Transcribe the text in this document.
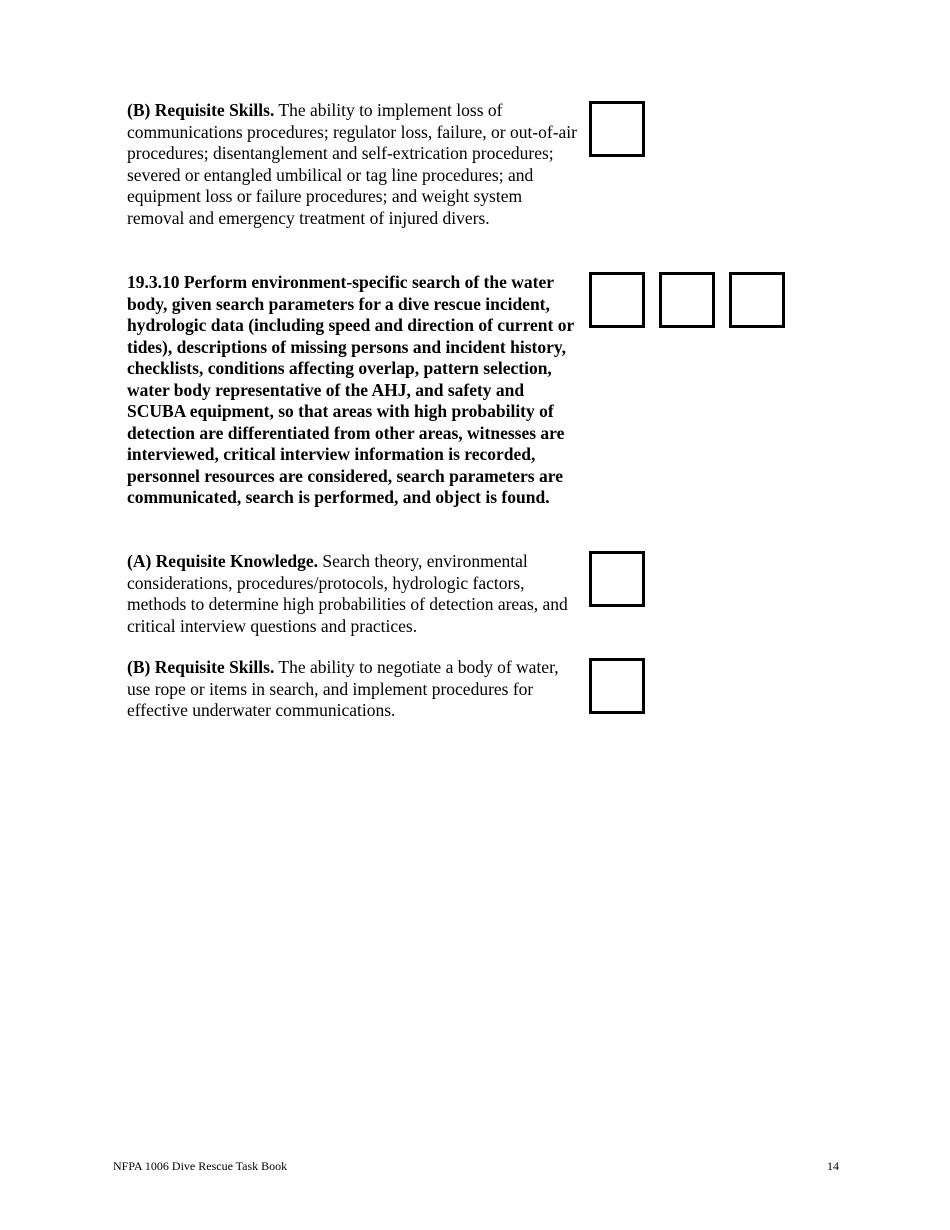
(B) Requisite Skills. The ability to implement loss of communications procedures; regulator loss, failure, or out-of-air procedures; disentanglement and self-extrication procedures; severed or entangled umbilical or tag line procedures; and equipment loss or failure procedures; and weight system removal and emergency treatment of injured divers.
19.3.10 Perform environment-specific search of the water body, given search parameters for a dive rescue incident, hydrologic data (including speed and direction of current or tides), descriptions of missing persons and incident history, checklists, conditions affecting overlap, pattern selection, water body representative of the AHJ, and safety and SCUBA equipment, so that areas with high probability of detection are differentiated from other areas, witnesses are interviewed, critical interview information is recorded, personnel resources are considered, search parameters are communicated, search is performed, and object is found.
(A) Requisite Knowledge. Search theory, environmental considerations, procedures/protocols, hydrologic factors, methods to determine high probabilities of detection areas, and critical interview questions and practices.
(B) Requisite Skills. The ability to negotiate a body of water, use rope or items in search, and implement procedures for effective underwater communications.
NFPA 1006 Dive Rescue Task Book	14
